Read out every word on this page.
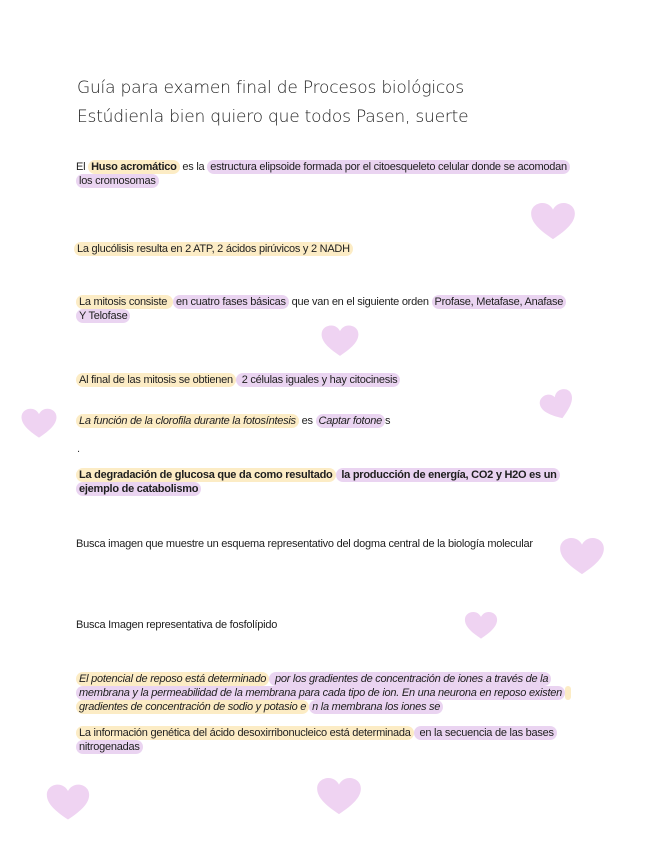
Guía para examen final de Procesos biológicos
Estúdienla bien quiero que todos Pasen, suerte
El Huso acromático es la estructura elipsoide formada por el citoesqueleto celular donde se acomodan los cromosomas
La glucólisis resulta en 2 ATP, 2 ácidos pirúvicos y 2 NADH
La mitosis consiste en cuatro fases básicas que van en el siguiente orden Profase, Metafase, Anafase Y Telofase
Al final de las mitosis se obtienen 2 células iguales y hay citocinesis
La función de la clorofila durante la fotosíntesis es Captar fotone s
.
La degradación de glucosa que da como resultado la producción de energía, CO2 y H2O es un ejemplo de catabolismo
Busca imagen que muestre un esquema representativo del dogma central de la biología molecular
Busca Imagen representativa de fosfolípido
El potencial de reposo está determinado por los gradientes de concentración de iones a través de la membrana y la permeabilidad de la membrana para cada tipo de ion. En una neurona en reposo existen gradientes de concentración de sodio y potasio e n la membrana los iones se
La información genética del ácido desoxirribonucleico está determinada en la secuencia de las bases nitrogenadas
